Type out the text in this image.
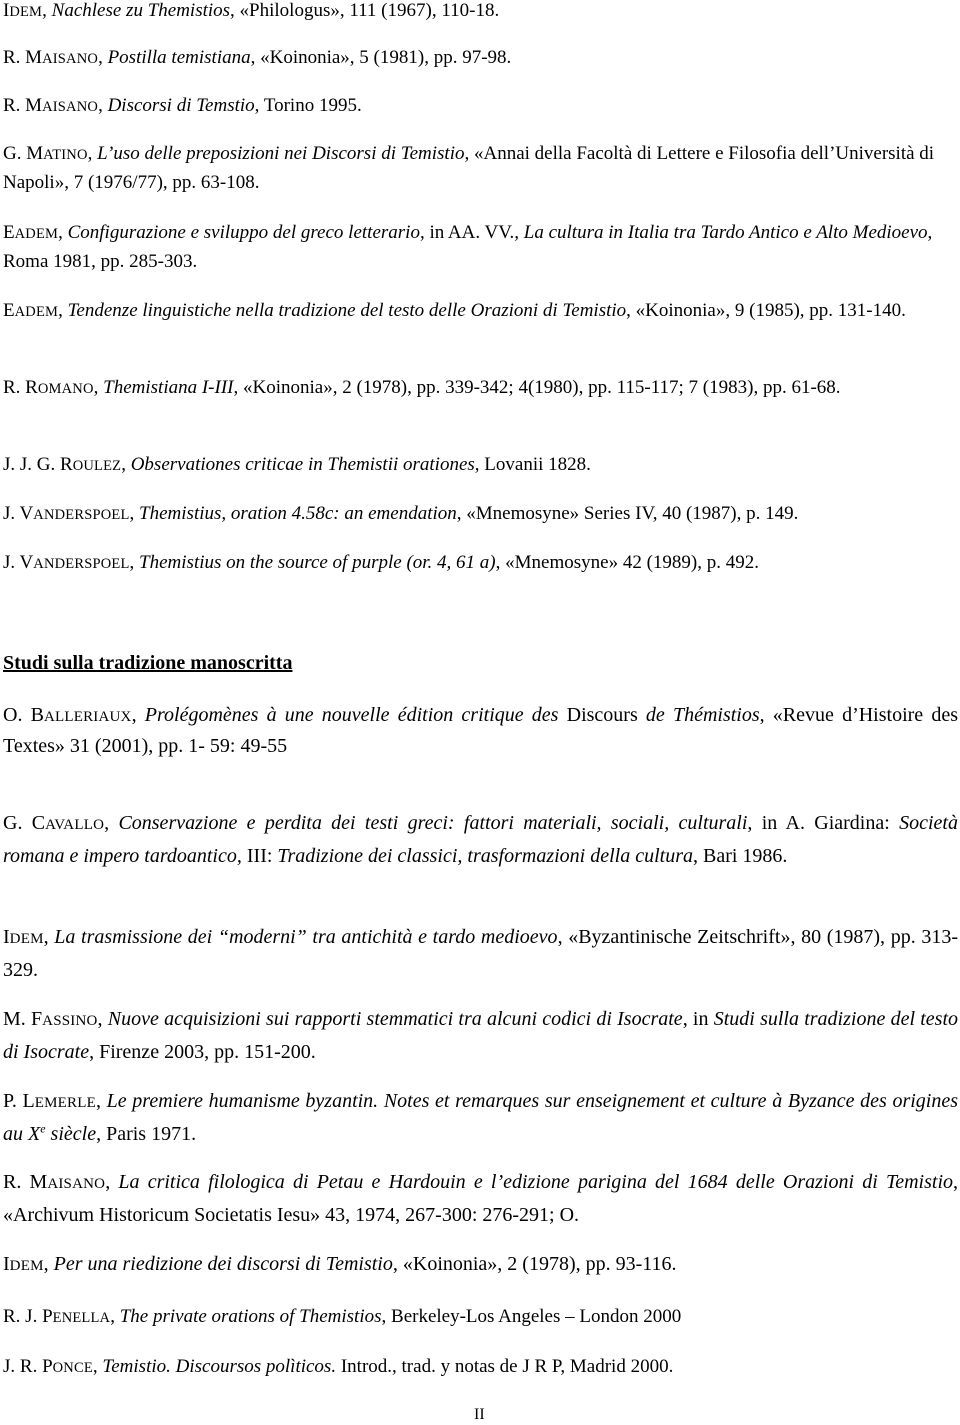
IDEM, Nachlese zu Themistios, «Philologus», 111 (1967), 110-18.

R. MAISANO, Postilla temistiana, «Koinonia», 5 (1981), pp. 97-98.

R. MAISANO, Discorsi di Temstio, Torino 1995.

G. MATINO, L’uso delle preposizioni nei Discorsi di Temistio, «Annai della Facoltà di Lettere e Filosofia dell’Università di Napoli», 7 (1976/77), pp. 63-108.

EADEM, Configurazione e sviluppo del greco letterario, in AA. VV., La cultura in Italia tra Tardo Antico e Alto Medioevo, Roma 1981, pp. 285-303.

EADEM, Tendenze linguistiche nella tradizione del testo delle Orazioni di Temistio, «Koinonia», 9 (1985), pp. 131-140.

R. ROMANO, Themistiana I-III, «Koinonia», 2 (1978), pp. 339-342; 4(1980), pp. 115-117; 7 (1983), pp. 61-68.

J. J. G. ROULEZ, Observationes criticae in Themistii orationes, Lovanii 1828.

J. VANDERSPOEL, Themistius, oration 4.58c: an emendation, «Mnemosyne» Series IV, 40 (1987), p. 149.

J. VANDERSPOEL, Themistius on the source of purple (or. 4, 61 a), «Mnemosyne» 42 (1989), p. 492.

Studi sulla tradizione manoscritta

O. BALLERIAUX, Prolégomènes à une nouvelle édition critique des Discours de Thémistios, «Revue d’Histoire des Textes» 31 (2001), pp. 1- 59: 49-55

G. CAVALLO, Conservazione e perdita dei testi greci: fattori materiali, sociali, culturali, in A. Giardina: Società romana e impero tardoantico, III: Tradizione dei classici, trasformazioni della cultura, Bari 1986.

IDEM, La trasmissione dei “moderni” tra antichità e tardo medioevo, «Byzantinische Zeitschrift», 80 (1987), pp. 313-329.

M. FASSINO, Nuove acquisizioni sui rapporti stemmatici tra alcuni codici di Isocrate, in Studi sulla tradizione del testo di Isocrate, Firenze 2003, pp. 151-200.

P. LEMERLE, Le premiere humanisme byzantin. Notes et remarques sur enseignement et culture à Byzance des origines au Xe siècle, Paris 1971.

R. MAISANO, La critica filologica di Petau e Hardouin e l’edizione parigina del 1684 delle Orazioni di Temistio, «Archivum Historicum Societatis Iesu» 43, 1974, 267-300: 276-291; O.

IDEM, Per una riedizione dei discorsi di Temistio, «Koinonia», 2 (1978), pp. 93-116.

R. J. PENELLA, The private orations of Themistios, Berkeley-Los Angeles – London 2000

J. R. PONCE, Temistio. Discoursos polìticos. Introd., trad. y notas de J R P, Madrid 2000.

II
